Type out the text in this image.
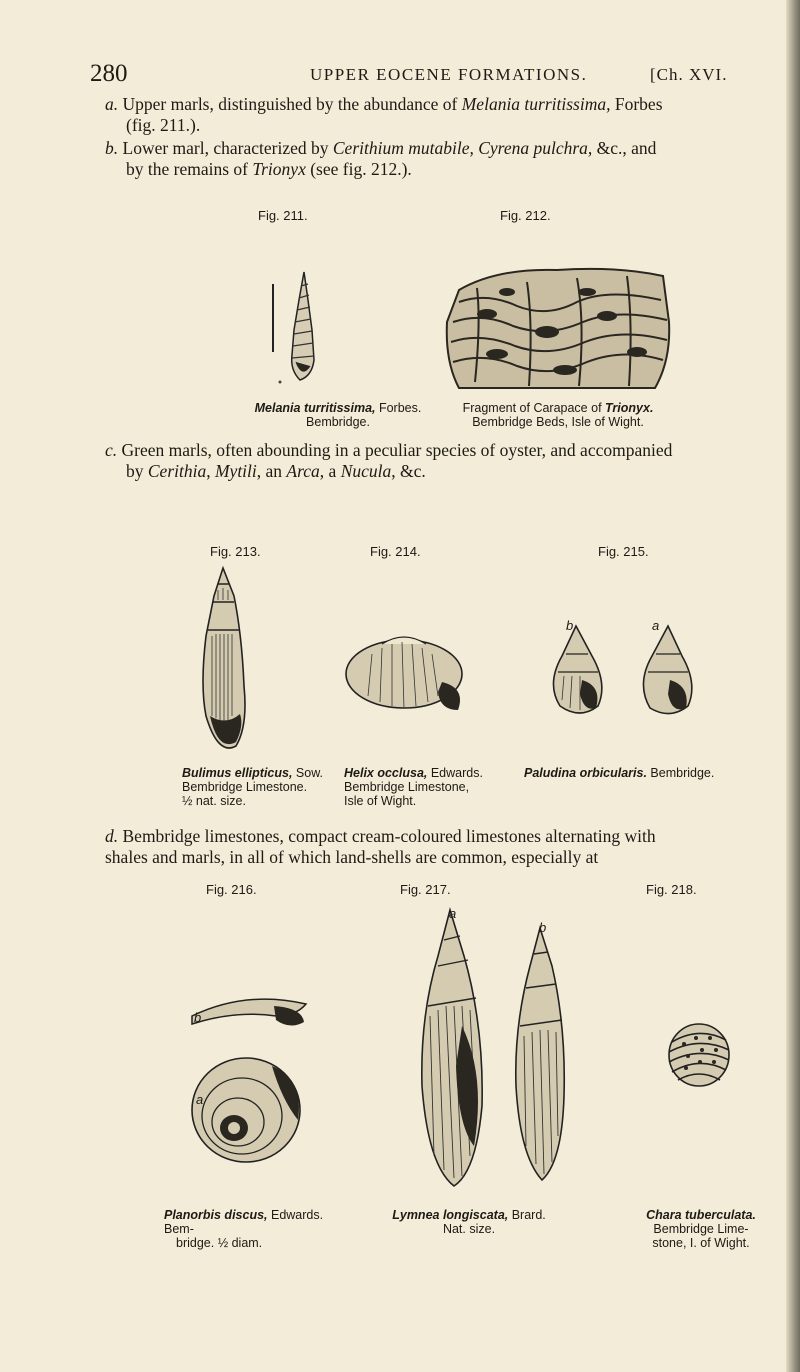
280	UPPER EOCENE FORMATIONS.	[Ch. XVI.
a. Upper marls, distinguished by the abundance of Melania turritissima, Forbes
(fig. 211.).
b. Lower marl, characterized by Cerithium mutabile, Cyrena pulchra, &c., and
by the remains of Trionyx (see fig. 212.).
Fig. 211.	Fig. 212.
Melania turritissima, Forbes.
Bembridge.
Fragment of Carapace of Trionyx.
Bembridge Beds, Isle of Wight.
c. Green marls, often abounding in a peculiar species of oyster, and accompanied
by Cerithia, Mytili, an Arca, a Nucula, &c.
Fig. 213.	Fig. 214.	Fig. 215.
b	a
Bulimus ellipticus, Sow.
Bembridge Limestone.
½ nat. size.
Helix occlusa, Edwards.
Bembridge Limestone,
Isle of Wight.
Paludina orbicularis. Bembridge.
d. Bembridge limestones, compact cream-coloured limestones alternating with
shales and marls, in all of which land-shells are common, especially at
Fig. 216.	Fig. 217.	Fig. 218.
b
a
a
b
Planorbis discus, Edwards. Bem-
bridge. ½ diam.
Lymnea longiscata, Brard.
Nat. size.
Chara tuberculata.
Bembridge Lime-
stone, I. of Wight.
